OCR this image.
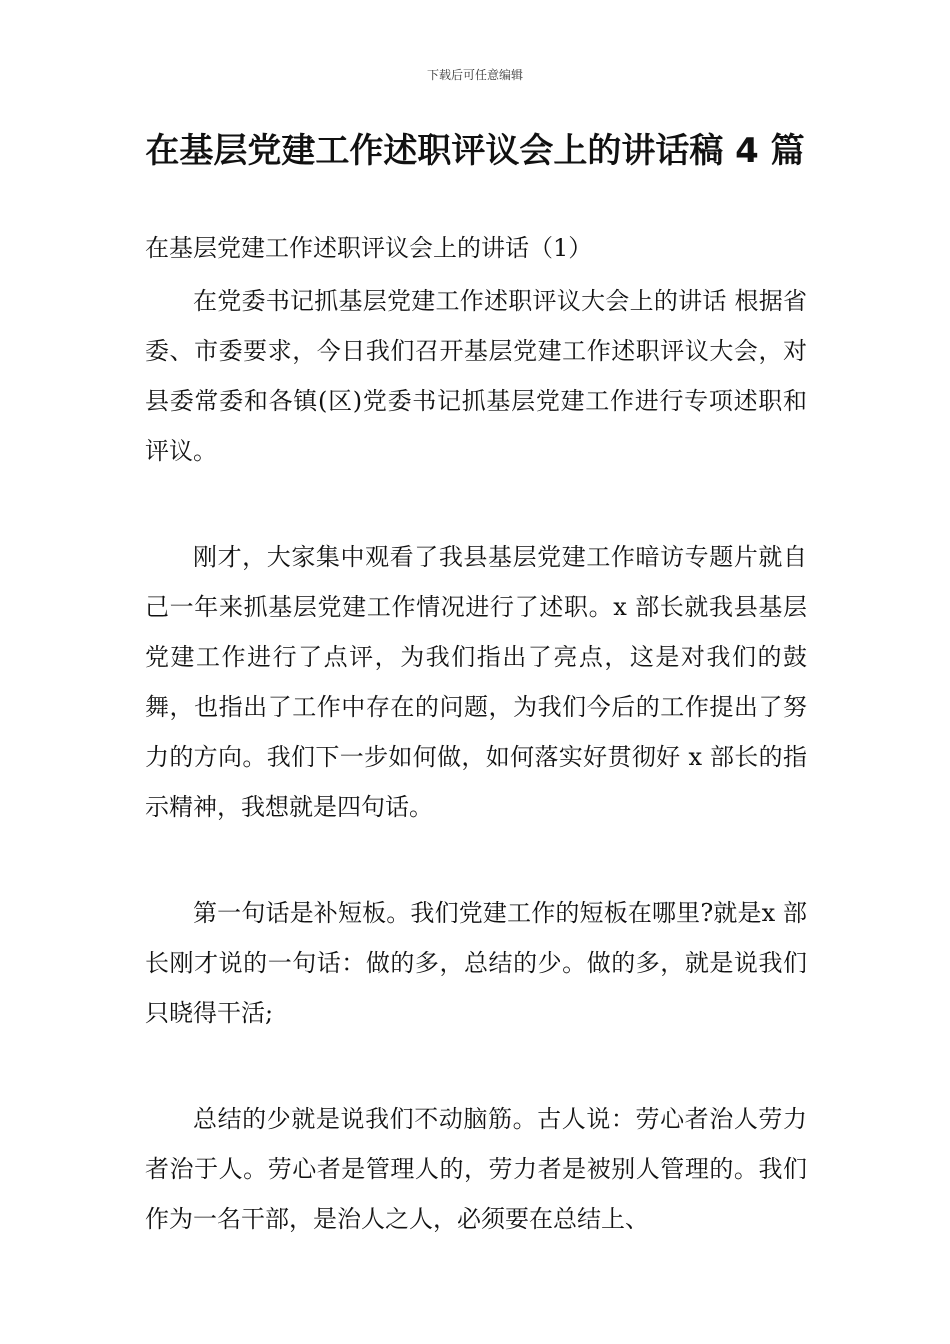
下载后可任意编辑
在基层党建工作述职评议会上的讲话稿 4 篇

在基层党建工作述职评议会上的讲话（1）

在党委书记抓基层党建工作述职评议大会上的讲话 根据省委、市委要求，今日我们召开基层党建工作述职评议大会，对县委常委和各镇(区)党委书记抓基层党建工作进行专项述职和评议。

刚才，大家集中观看了我县基层党建工作暗访专题片就自己一年来抓基层党建工作情况进行了述职。x 部长就我县基层党建工作进行了点评，为我们指出了亮点，这是对我们的鼓舞，也指出了工作中存在的问题，为我们今后的工作提出了努力的方向。我们下一步如何做，如何落实好贯彻好 x 部长的指示精神，我想就是四句话。

第一句话是补短板。我们党建工作的短板在哪里?就是x 部长刚才说的一句话：做的多，总结的少。做的多，就是说我们只晓得干活;

总结的少就是说我们不动脑筋。古人说：劳心者治人劳力者治于人。劳心者是管理人的，劳力者是被别人管理的。我们作为一名干部，是治人之人，必须要在总结上、
